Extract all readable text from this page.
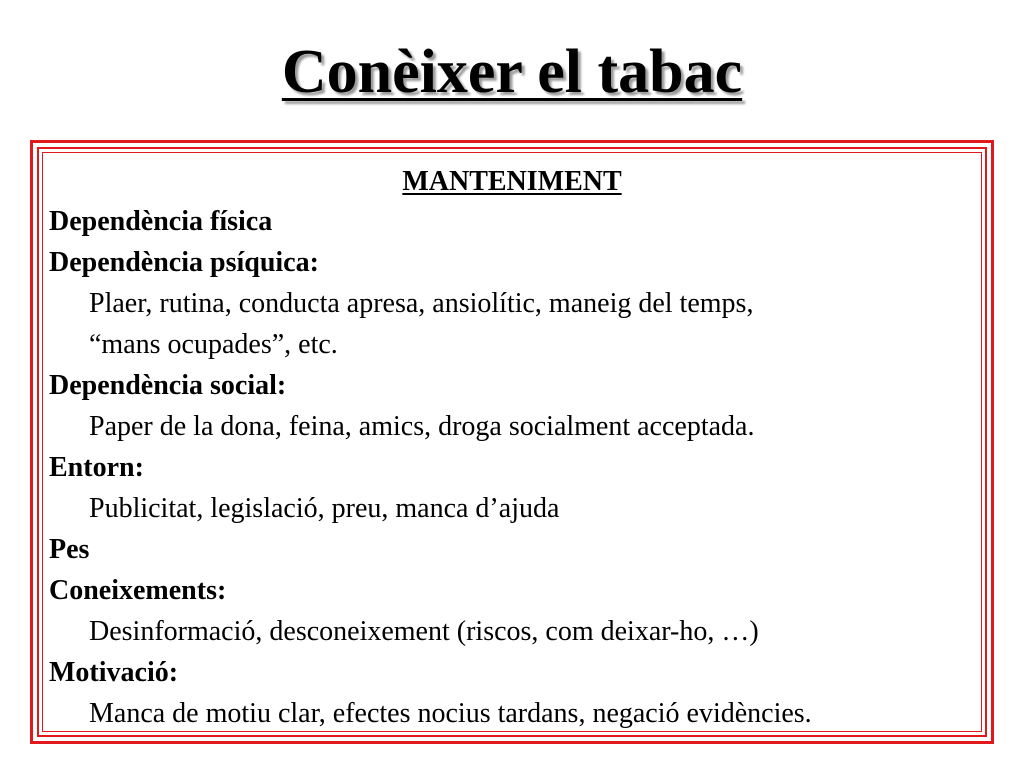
Conèixer el tabac
MANTENIMENT
Dependència física
Dependència psíquica:
Plaer, rutina, conducta apresa, ansiolític, maneig del temps,
“mans ocupades”, etc.
Dependència social:
Paper de la dona, feina, amics, droga socialment acceptada.
Entorn:
Publicitat, legislació, preu, manca d’ajuda
Pes
Coneixements:
Desinformació, desconeixement (riscos, com deixar-ho, …)
Motivació:
Manca de motiu clar, efectes nocius tardans, negació evidències.
